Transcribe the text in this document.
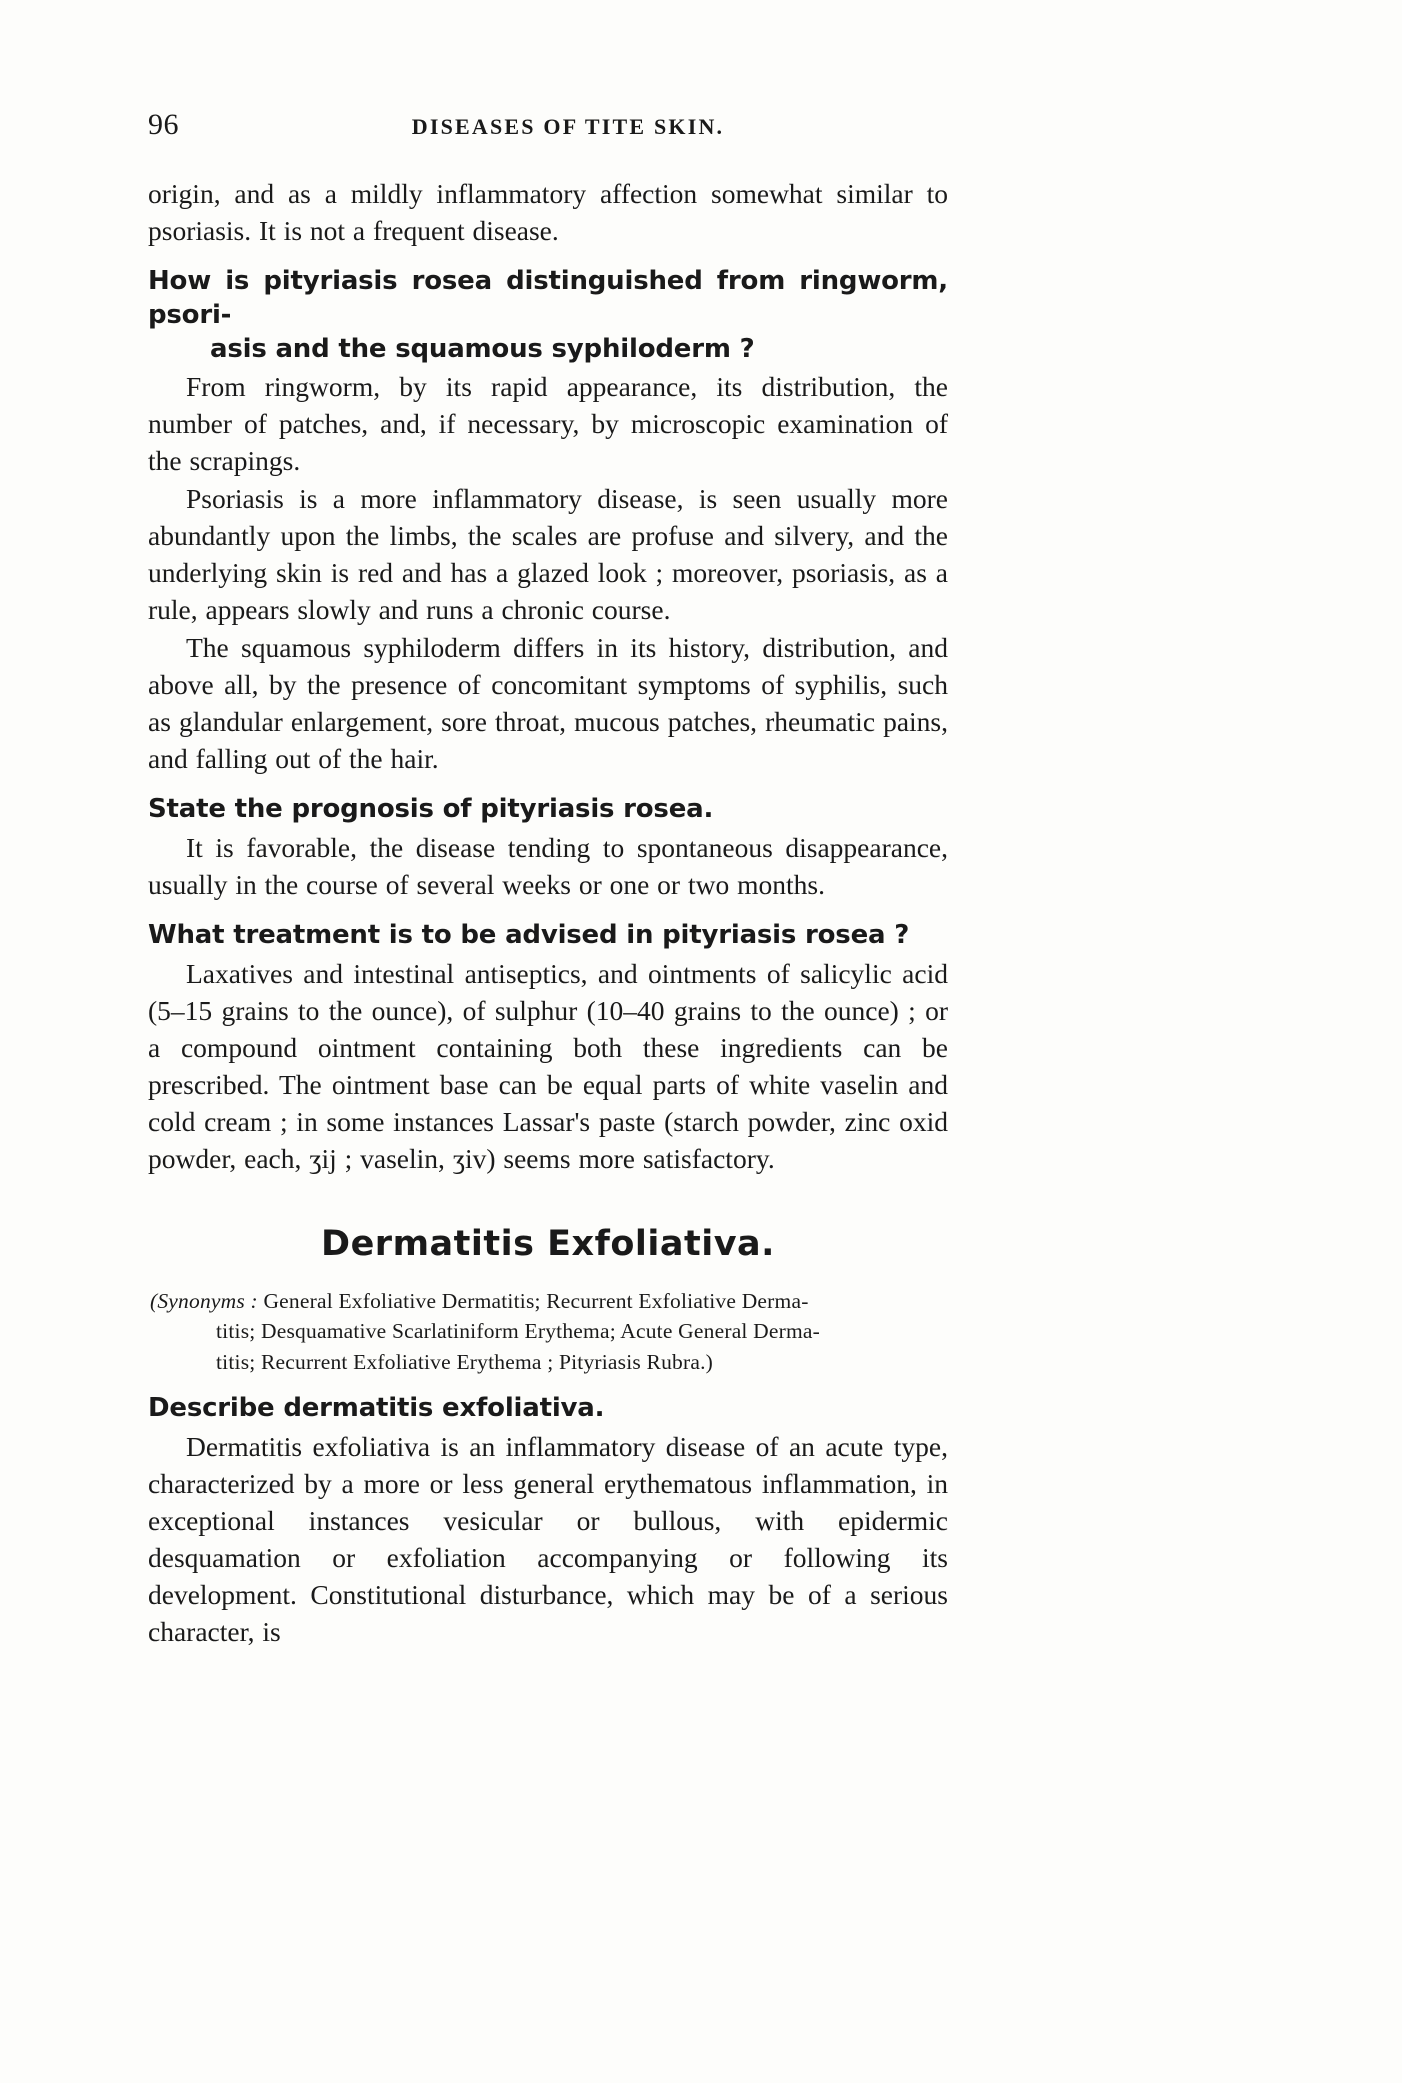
96	DISEASES OF TITE SKIN.

origin, and as a mildly inflammatory affection somewhat similar to psoriasis. It is not a frequent disease.

How is pityriasis rosea distinguished from ringworm, psori-
asis and the squamous syphiloderm ?

From ringworm, by its rapid appearance, its distribution, the number of patches, and, if necessary, by microscopic examination of the scrapings.

Psoriasis is a more inflammatory disease, is seen usually more abundantly upon the limbs, the scales are profuse and silvery, and the underlying skin is red and has a glazed look ; moreover, psoriasis, as a rule, appears slowly and runs a chronic course.

The squamous syphiloderm differs in its history, distribution, and above all, by the presence of concomitant symptoms of syphilis, such as glandular enlargement, sore throat, mucous patches, rheumatic pains, and falling out of the hair.

State the prognosis of pityriasis rosea.

It is favorable, the disease tending to spontaneous disappearance, usually in the course of several weeks or one or two months.

What treatment is to be advised in pityriasis rosea ?

Laxatives and intestinal antiseptics, and ointments of salicylic acid (5–15 grains to the ounce), of sulphur (10–40 grains to the ounce) ; or a compound ointment containing both these ingredients can be prescribed. The ointment base can be equal parts of white vaselin and cold cream ; in some instances Lassar's paste (starch powder, zinc oxid powder, each, ʒij ; vaselin, ʒiv) seems more satisfactory.

Dermatitis Exfoliativa.
(Synonyms : General Exfoliative Dermatitis; Recurrent Exfoliative Derma-
titis; Desquamative Scarlatiniform Erythema; Acute General Derma-
titis; Recurrent Exfoliative Erythema ; Pityriasis Rubra.)
Describe dermatitis exfoliativa.

Dermatitis exfoliativa is an inflammatory disease of an acute type, characterized by a more or less general erythematous inflammation, in exceptional instances vesicular or bullous, with epidermic desquamation or exfoliation accompanying or following its development. Constitutional disturbance, which may be of a serious character, is
